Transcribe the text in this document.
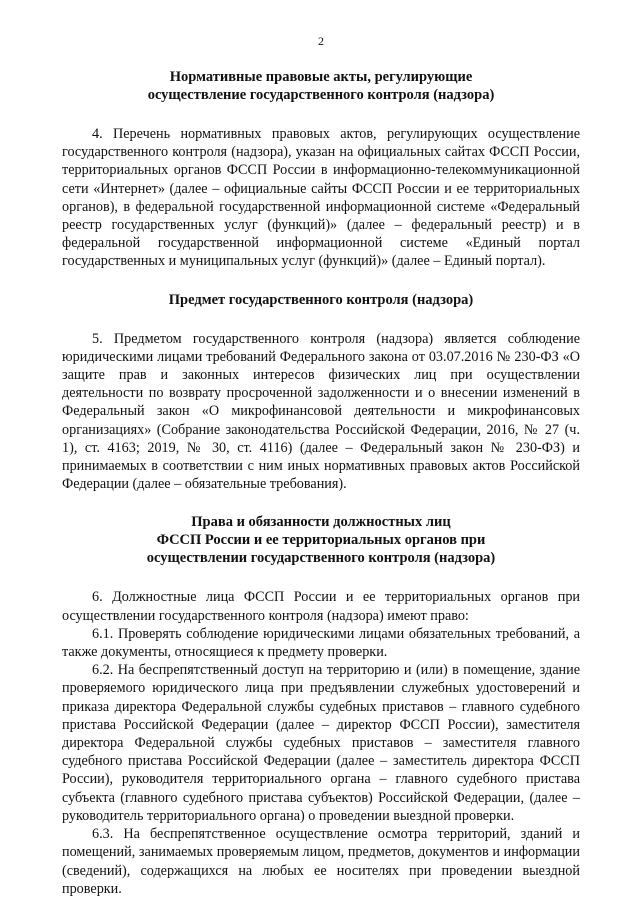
2
Нормативные правовые акты, регулирующие
осуществление государственного контроля (надзора)

4. Перечень нормативных правовых актов, регулирующих осуществление государственного контроля (надзора), указан на официальных сайтах ФССП России, территориальных органов ФССП России в информационно-телекоммуникационной сети «Интернет» (далее – официальные сайты ФССП России и ее территориальных органов), в федеральной государственной информационной системе «Федеральный реестр государственных услуг (функций)» (далее – федеральный реестр) и в федеральной государственной информационной системе «Единый портал государственных и муниципальных услуг (функций)» (далее – Единый портал).

Предмет государственного контроля (надзора)

5. Предметом государственного контроля (надзора) является соблюдение юридическими лицами требований Федерального закона от 03.07.2016 № 230-ФЗ «О защите прав и законных интересов физических лиц при осуществлении деятельности по возврату просроченной задолженности и о внесении изменений в Федеральный закон «О микрофинансовой деятельности и микрофинансовых организациях» (Собрание законодательства Российской Федерации, 2016, № 27 (ч. 1), ст. 4163; 2019, № 30, ст. 4116) (далее – Федеральный закон № 230-ФЗ) и принимаемых в соответствии с ним иных нормативных правовых актов Российской Федерации (далее – обязательные требования).

Права и обязанности должностных лиц
ФССП России и ее территориальных органов при
осуществлении государственного контроля (надзора)

6. Должностные лица ФССП России и ее территориальных органов при осуществлении государственного контроля (надзора) имеют право:

6.1. Проверять соблюдение юридическими лицами обязательных требований, а также документы, относящиеся к предмету проверки.

6.2. На беспрепятственный доступ на территорию и (или) в помещение, здание проверяемого юридического лица при предъявлении служебных удостоверений и приказа директора Федеральной службы судебных приставов – главного судебного пристава Российской Федерации (далее – директор ФССП России), заместителя директора Федеральной службы судебных приставов – заместителя главного судебного пристава Российской Федерации (далее – заместитель директора ФССП России), руководителя территориального органа – главного судебного пристава субъекта (главного судебного пристава субъектов) Российской Федерации, (далее – руководитель территориального органа) о проведении выездной проверки.

6.3. На беспрепятственное осуществление осмотра территорий, зданий и помещений, занимаемых проверяемым лицом, предметов, документов и информации (сведений), содержащихся на любых ее носителях при проведении выездной проверки.
